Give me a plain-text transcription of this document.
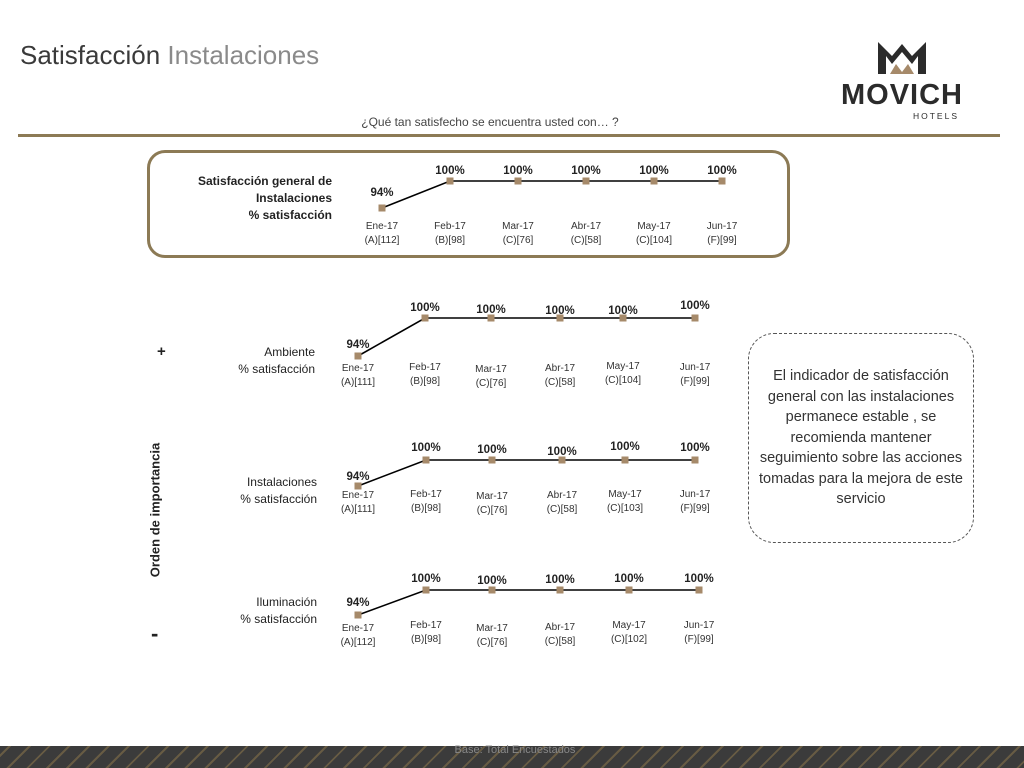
Satisfacción Instalaciones
MOVICH
HOTELS
¿Qué tan satisfecho se encuentra usted con… ?
Satisfacción general de
Instalaciones
% satisfacción
Ambiente
% satisfacción
Instalaciones
% satisfacción
Iluminación
% satisfacción
+
Orden de importancia
-
94%
Ene-17
(A)[112]
100%
Feb-17
(B)[98]
100%
Mar-17
(C)[76]
100%
Abr-17
(C)[58]
100%
May-17
(C)[104]
100%
Jun-17
(F)[99]
94%
Ene-17
(A)[111]
100%
Feb-17
(B)[98]
100%
Mar-17
(C)[76]
100%
Abr-17
(C)[58]
100%
May-17
(C)[104]
100%
Jun-17
(F)[99]
94%
Ene-17
(A)[111]
100%
Feb-17
(B)[98]
100%
Mar-17
(C)[76]
100%
Abr-17
(C)[58]
100%
May-17
(C)[103]
100%
Jun-17
(F)[99]
94%
Ene-17
(A)[112]
100%
Feb-17
(B)[98]
100%
Mar-17
(C)[76]
100%
Abr-17
(C)[58]
100%
May-17
(C)[102]
100%
Jun-17
(F)[99]
El indicador de satisfacción general con las instalaciones permanece estable , se recomienda mantener seguimiento sobre las acciones tomadas para la mejora de este servicio
Base: Total Encuestados
